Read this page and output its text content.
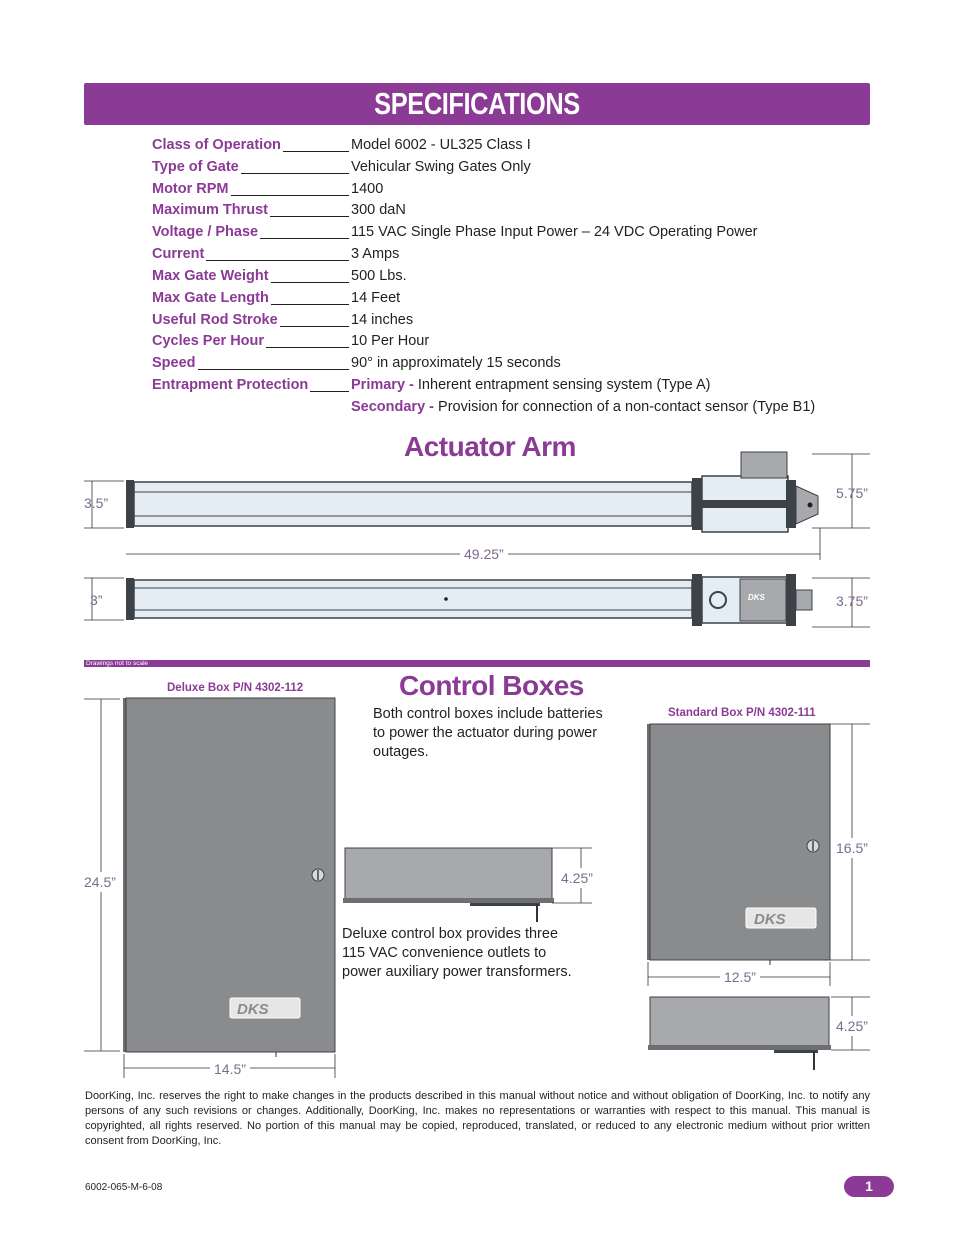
SPECIFICATIONS
Class of Operation	Model 6002 - UL325 Class I
Type of Gate	Vehicular Swing Gates Only
Motor RPM	1400
Maximum Thrust	300 daN
Voltage / Phase	115 VAC Single Phase Input Power – 24 VDC Operating Power
Current	3 Amps
Max Gate Weight	500 Lbs.
Max Gate Length	14 Feet
Useful Rod Stroke	14 inches
Cycles Per Hour	10 Per Hour
Speed	90° in approximately 15 seconds
Entrapment Protection	Primary - Inherent entrapment sensing system (Type A)
Secondary - Provision for connection of a non-contact sensor (Type B1)
Actuator Arm
3.5”
5.75”
49.25”
3”	3.75”
DKS
Drawings not to scale
Control Boxes
Both control boxes include batteries to power the actuator during power outages.
Deluxe Box P/N 4302-112
Standard Box P/N 4302-111
DKS
DKS
24.5”
14.5”
4.25”
Deluxe control box provides three 115 VAC convenience outlets to power auxiliary power transformers.
16.5”
12.5”
4.25”
DoorKing, Inc. reserves the right to make changes in the products described in this manual without notice and without obligation of DoorKing, Inc. to notify any persons of any such revisions or changes. Additionally, DoorKing, Inc. makes no representations or warranties with respect to this manual. This manual is copyrighted, all rights reserved. No portion of this manual may be copied, reproduced, translated, or reduced to any electronic medium without prior written consent from DoorKing, Inc.
6002-065-M-6-08	1
